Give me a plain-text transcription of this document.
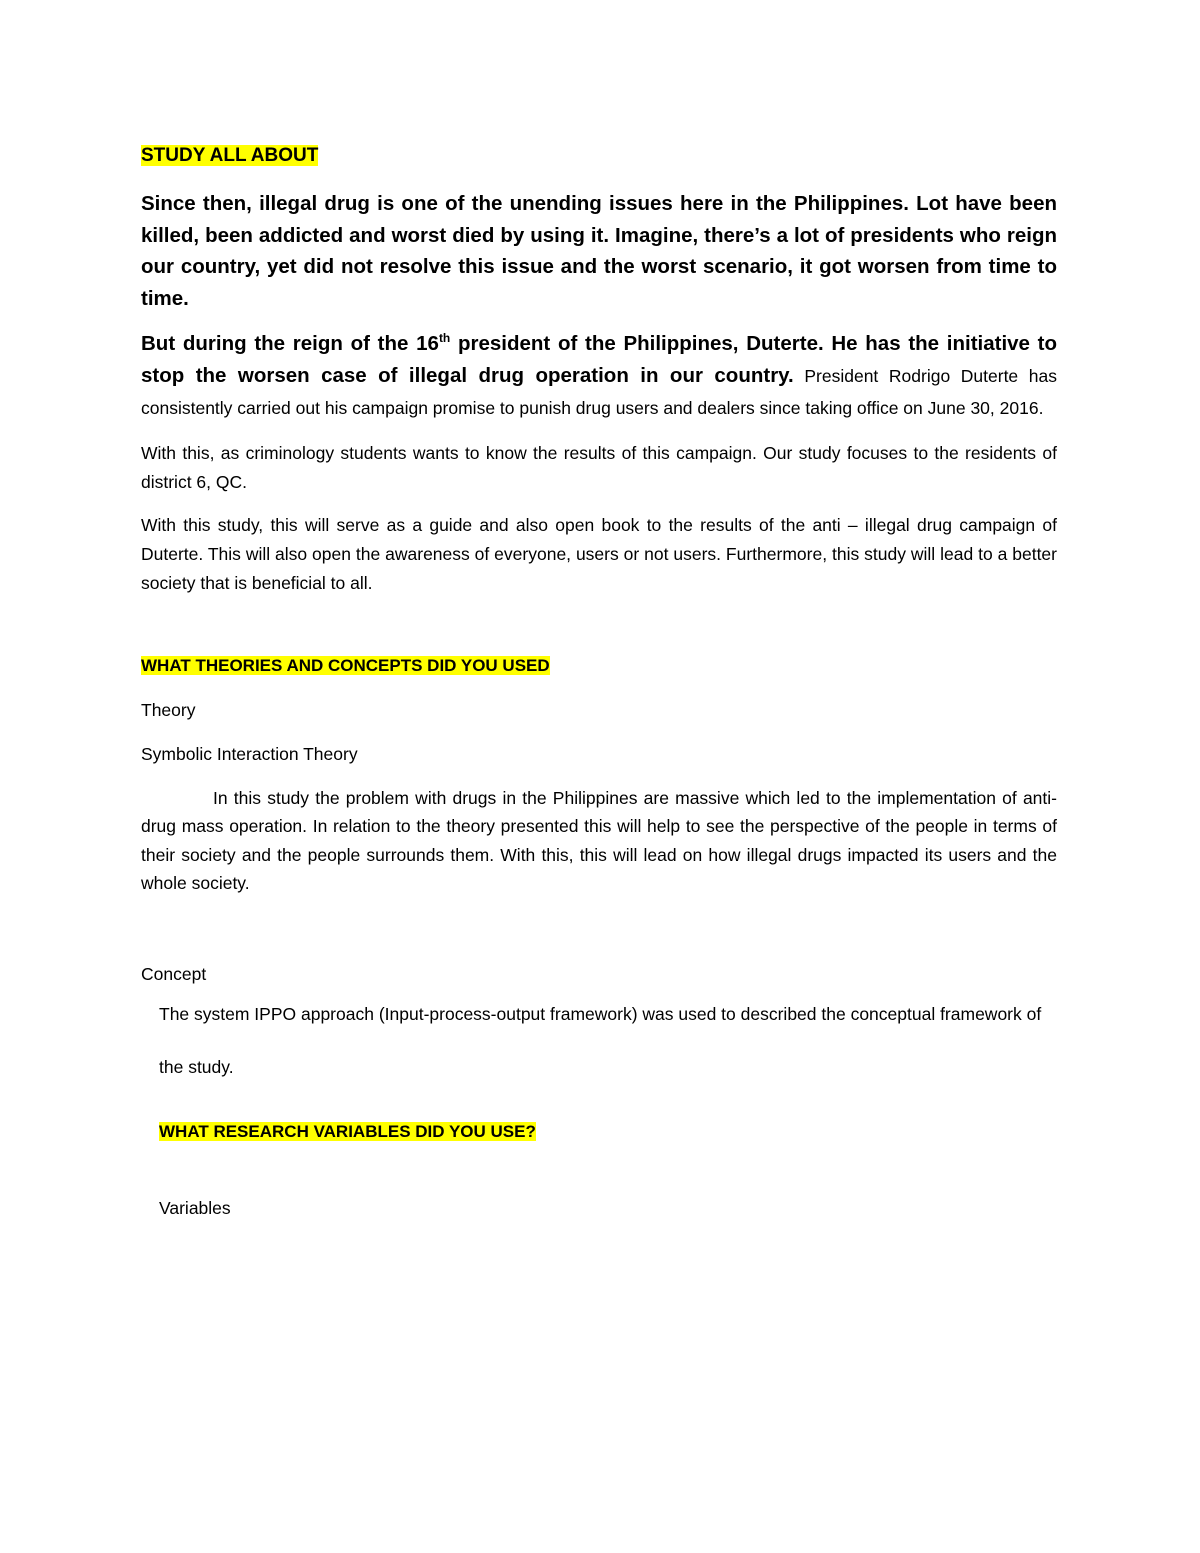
STUDY ALL ABOUT

Since then, illegal drug is one of the unending issues here in the Philippines. Lot have been killed, been addicted and worst died by using it. Imagine, there’s a lot of presidents who reign our country, yet did not resolve this issue and the worst scenario, it got worsen from time to time.

But during the reign of the 16th president of the Philippines, Duterte. He has the initiative to stop the worsen case of illegal drug operation in our country. President Rodrigo Duterte has consistently carried out his campaign promise to punish drug users and dealers since taking office on June 30, 2016.

With this, as criminology students wants to know the results of this campaign. Our study focuses to the residents of district 6, QC.

With this study, this will serve as a guide and also open book to the results of the anti – illegal drug campaign of Duterte. This will also open the awareness of everyone, users or not users. Furthermore, this study will lead to a better society that is beneficial to all.

WHAT THEORIES AND CONCEPTS DID YOU USED

Theory

Symbolic Interaction Theory

In this study the problem with drugs in the Philippines are massive which led to the implementation of anti-drug mass operation. In relation to the theory presented this will help to see the perspective of the people in terms of their society and the people surrounds them. With this, this will lead on how illegal drugs impacted its users and the whole society.

Concept

The system IPPO approach (Input-process-output framework) was used to described the conceptual framework of the study.

WHAT RESEARCH VARIABLES DID YOU USE?

Variables
